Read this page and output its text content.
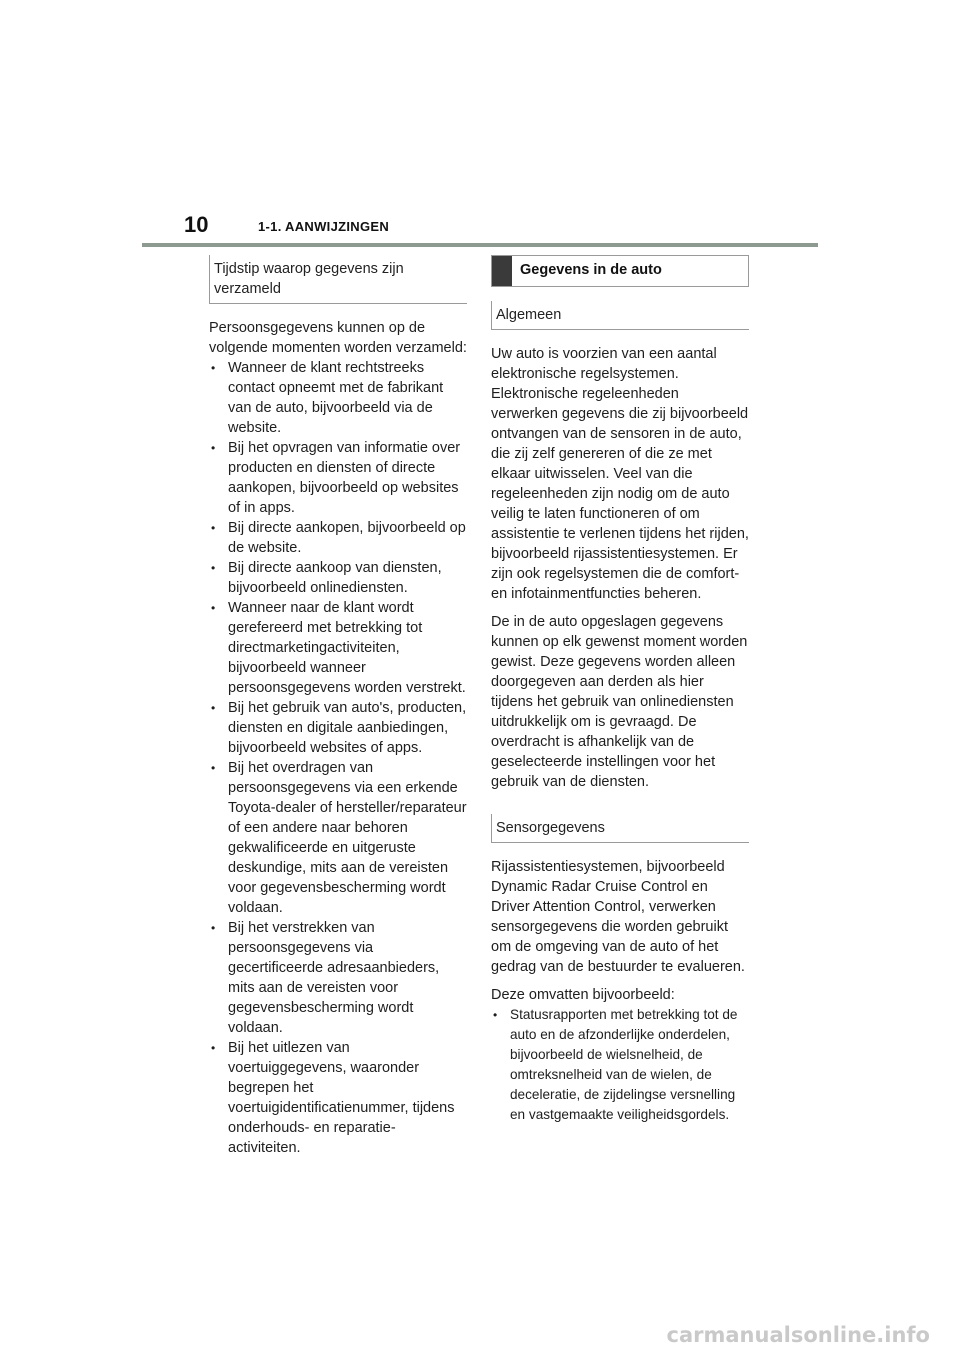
10	1-1. AANWIJZINGEN
Tijdstip waarop gegevens zijn verzameld

Persoonsgegevens kunnen op de volgende momenten worden verzameld:

• Wanneer de klant rechtstreeks contact opneemt met de fabrikant van de auto, bijvoorbeeld via de website.
• Bij het opvragen van informatie over producten en diensten of directe aankopen, bijvoorbeeld op websites of in apps.
• Bij directe aankopen, bijvoorbeeld op de website.
• Bij directe aankoop van diensten, bijvoorbeeld onlinediensten.
• Wanneer naar de klant wordt gerefereerd met betrekking tot directmarketingactiviteiten, bijvoorbeeld wanneer persoonsgegevens worden verstrekt.
• Bij het gebruik van auto's, producten, diensten en digitale aanbiedingen, bijvoorbeeld websites of apps.
• Bij het overdragen van persoonsgegevens via een erkende Toyota-dealer of hersteller/reparateur of een andere naar behoren gekwalificeerde en uitgeruste deskundige, mits aan de vereisten voor gegevensbescherming wordt voldaan.
• Bij het verstrekken van persoonsgegevens via gecertificeerde adresaanbieders, mits aan de vereisten voor gegevensbescherming wordt voldaan.
• Bij het uitlezen van voertuiggegevens, waaronder begrepen het voertuigidentificatienummer, tijdens onderhouds- en reparatie-activiteiten.
Gegevens in de auto
Algemeen

Uw auto is voorzien van een aantal elektronische regelsystemen. Elektronische regeleenheden verwerken gegevens die zij bijvoorbeeld ontvangen van de sensoren in de auto, die zij zelf genereren of die ze met elkaar uitwisselen. Veel van die regeleenheden zijn nodig om de auto veilig te laten functioneren of om assistentie te verlenen tijdens het rijden, bijvoorbeeld rijassistentiesystemen. Er zijn ook regelsystemen die de comfort- en infotainmentfuncties beheren.

De in de auto opgeslagen gegevens kunnen op elk gewenst moment worden gewist. Deze gegevens worden alleen doorgegeven aan derden als hier tijdens het gebruik van onlinediensten uitdrukkelijk om is gevraagd. De overdracht is afhankelijk van de geselecteerde instellingen voor het gebruik van de diensten.

Sensorgegevens

Rijassistentiesystemen, bijvoorbeeld Dynamic Radar Cruise Control en Driver Attention Control, verwerken sensorgegevens die worden gebruikt om de omgeving van de auto of het gedrag van de bestuurder te evalueren.

Deze omvatten bijvoorbeeld:

• Statusrapporten met betrekking tot de auto en de afzonderlijke onderdelen, bijvoorbeeld de wielsnelheid, de omtreksnelheid van de wielen, de deceleratie, de zijdelingse versnelling en vastgemaakte veiligheidsgordels.
carmanualsonline.info
